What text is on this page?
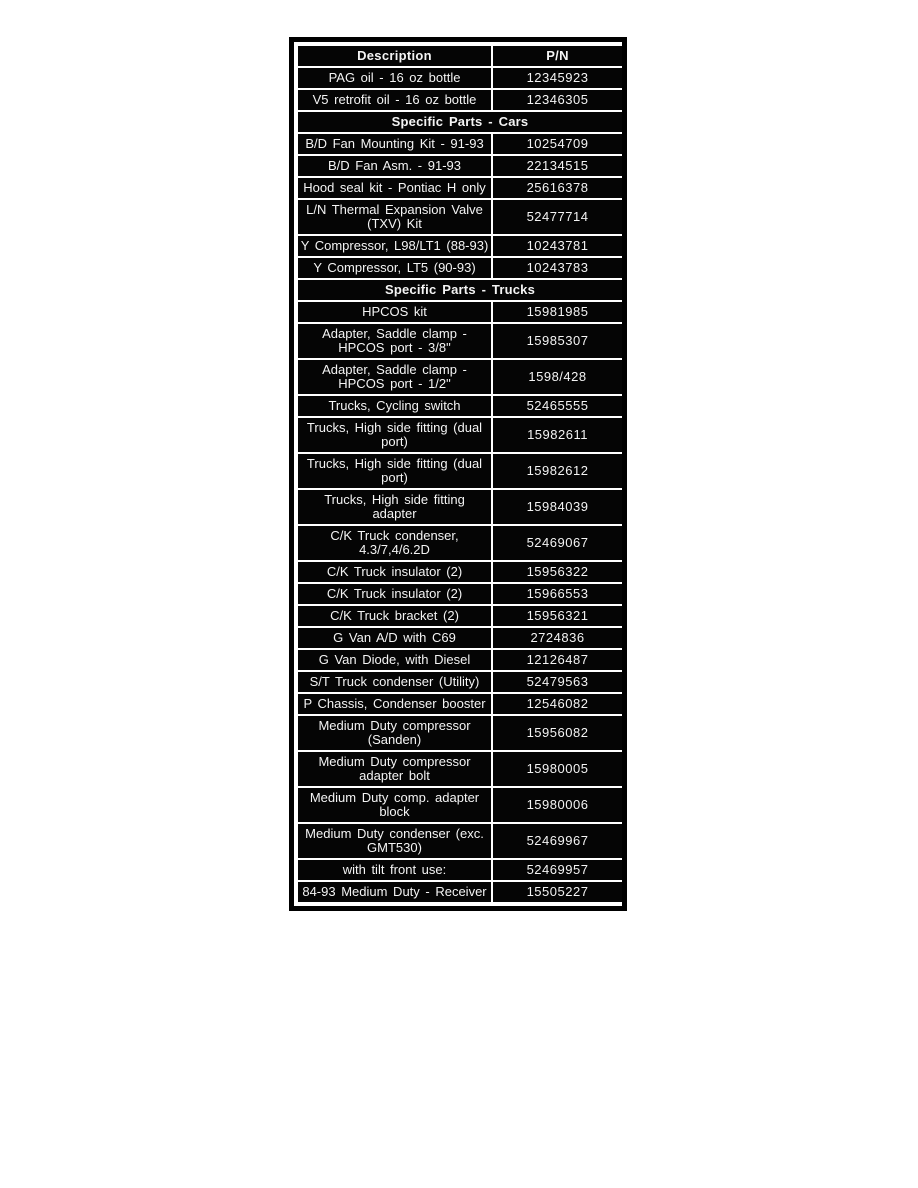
Description	P/N
PAG oil - 16 oz bottle	12345923
V5 retrofit oil - 16 oz bottle	12346305
Specific Parts - Cars	
B/D Fan Mounting Kit - 91-93	10254709
B/D Fan Asm. - 91-93	22134515
Hood seal kit - Pontiac H only	25616378
L/N Thermal Expansion Valve (TXV) Kit	52477714
Y Compressor, L98/LT1 (88-93)	10243781
Y Compressor, LT5 (90-93)	10243783
Specific Parts - Trucks	
HPCOS kit	15981985
Adapter, Saddle clamp - HPCOS port - 3/8"	15985307
Adapter, Saddle clamp - HPCOS port - 1/2"	1598/428
Trucks, Cycling switch	52465555
Trucks, High side fitting (dual port)	15982611
Trucks, High side fitting (dual port)	15982612
Trucks, High side fitting adapter	15984039
C/K Truck condenser, 4.3/7,4/6.2D	52469067
C/K Truck insulator (2)	15956322
C/K Truck insulator (2)	15966553
C/K Truck bracket (2)	15956321
G Van A/D with C69	2724836
G Van Diode, with Diesel	12126487
S/T Truck condenser (Utility)	52479563
P Chassis, Condenser booster	12546082
Medium Duty compressor (Sanden)	15956082
Medium Duty compressor adapter bolt	15980005
Medium Duty comp. adapter block	15980006
Medium Duty condenser (exc. GMT530)	52469967
with tilt front use:	52469957
84-93 Medium Duty - Receiver	15505227
